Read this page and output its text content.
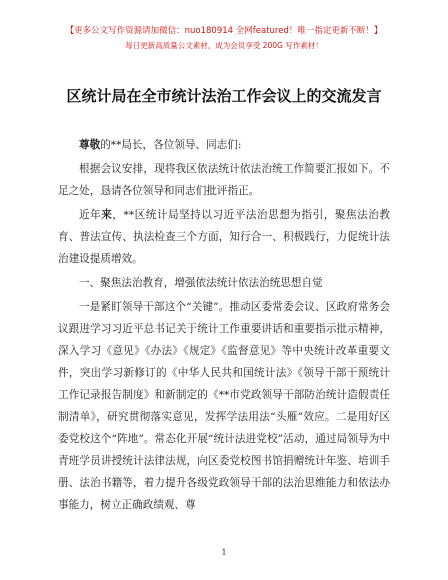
【更多公文写作资源请加微信：nuo180914 全网featured！唯一指定更新不断！】
每日更新高质量公文素材，成为会员享受 200G 写作素材！
区统计局在全市统计法治工作会议上的交流发言

尊敬的**局长，各位领导、同志们:

根据会议安排，现将我区依法统计依法治统工作简要汇报如下。不足之处，恳请各位领导和同志们批评指正。

近年来，**区统计局坚持以习近平法治思想为指引，聚焦法治教育、普法宣传、执法检查三个方面，知行合一、积极践行，力促统计法治建设提质增效。

一、聚焦法治教育，增强依法统计依法治统思想自觉

一是紧盯领导干部这个“关键”。推动区委常委会议、区政府常务会议跟进学习习近平总书记关于统计工作重要讲话和重要指示批示精神，深入学习《意见》《办法》《规定》《监督意见》等中央统计改革重要文件，突出学习新修订的《中华人民共和国统计法》《领导干部干预统计工作记录报告制度》和新制定的《**市党政领导干部防治统计造假责任制清单》，研究贯彻落实意见，发挥学法用法“头雁”效应。二是用好区委党校这个“阵地”。常态化开展“统计法进党校”活动，通过局领导为中青班学员讲授统计法律法规，向区委党校图书馆捐赠统计年鉴、培训手册、法治书籍等，着力提升各级党政领导干部的法治思维能力和依法办事能力，树立正确政绩观、尊

1
